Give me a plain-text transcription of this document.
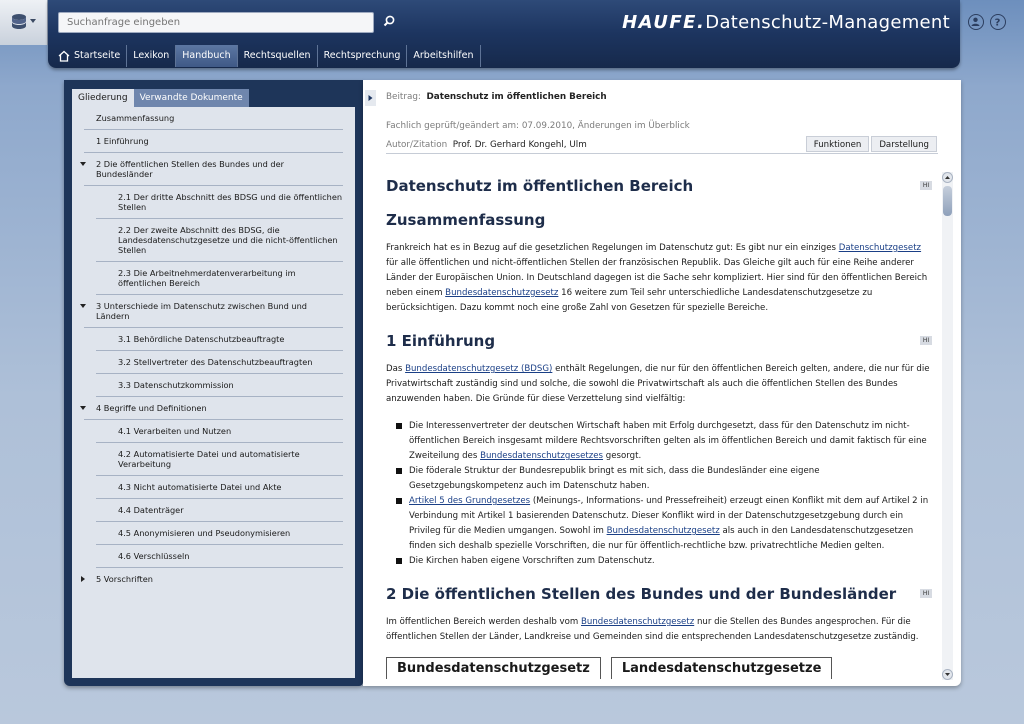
Suchanfrage eingeben
HAUFE.Datenschutz-Management
Startseite Lexikon Handbuch Rechtsquellen Rechtsprechung Arbeitshilfen
?
Gliederung	Verwandte Dokumente
Zusammenfassung
1 Einführung
2 Die öffentlichen Stellen des Bundes und der Bundesländer
2.1 Der dritte Abschnitt des BDSG und die öffentlichen Stellen
2.2 Der zweite Abschnitt des BDSG, die Landesdatenschutzgesetze und die nicht-öffentlichen Stellen
2.3 Die Arbeitnehmerdatenverarbeitung im öffentlichen Bereich
3 Unterschiede im Datenschutz zwischen Bund und Ländern
3.1 Behördliche Datenschutzbeauftragte
3.2 Stellvertreter des Datenschutzbeauftragten
3.3 Datenschutzkommission
4 Begriffe und Definitionen
4.1 Verarbeiten und Nutzen
4.2 Automatisierte Datei und automatisierte Verarbeitung
4.3 Nicht automatisierte Datei und Akte
4.4 Datenträger
4.5 Anonymisieren und Pseudonymisieren
4.6 Verschlüsseln
5 Vorschriften
Beitrag: Datenschutz im öffentlichen Bereich
Fachlich geprüft/geändert am: 07.09.2010, Änderungen im Überblick
Autor/Zitation Prof. Dr. Gerhard Kongehl, Ulm	Funktionen	Darstellung
Datenschutz im öffentlichen Bereich	HI
Zusammenfassung

Frankreich hat es in Bezug auf die gesetzlichen Regelungen im Datenschutz gut: Es gibt nur ein einziges Datenschutzgesetz für alle öffentlichen und nicht-öffentlichen Stellen der französischen Republik. Das Gleiche gilt auch für eine Reihe anderer Länder der Europäischen Union. In Deutschland dagegen ist die Sache sehr kompliziert. Hier sind für den öffentlichen Bereich neben einem Bundesdatenschutzgesetz 16 weitere zum Teil sehr unterschiedliche Landesdatenschutzgesetze zu berücksichtigen. Dazu kommt noch eine große Zahl von Gesetzen für spezielle Bereiche.

1 Einführung	HI

Das Bundesdatenschutzgesetz (BDSG) enthält Regelungen, die nur für den öffentlichen Bereich gelten, andere, die nur für die Privatwirtschaft zuständig sind und solche, die sowohl die Privatwirtschaft als auch die öffentlichen Stellen des Bundes anzuwenden haben. Die Gründe für diese Verzettelung sind vielfältig:

Die Interessenvertreter der deutschen Wirtschaft haben mit Erfolg durchgesetzt, dass für den Datenschutz im nicht-öffentlichen Bereich insgesamt mildere Rechtsvorschriften gelten als im öffentlichen Bereich und damit faktisch für eine Zweiteilung des Bundesdatenschutzgesetzes gesorgt.
Die föderale Struktur der Bundesrepublik bringt es mit sich, dass die Bundesländer eine eigene Gesetzgebungskompetenz auch im Datenschutz haben.
Artikel 5 des Grundgesetzes (Meinungs-, Informations- und Pressefreiheit) erzeugt einen Konflikt mit dem auf Artikel 2 in Verbindung mit Artikel 1 basierenden Datenschutz. Dieser Konflikt wird in der Datenschutzgesetzgebung durch ein Privileg für die Medien umgangen. Sowohl im Bundesdatenschutzgesetz als auch in den Landesdatenschutzgesetzen finden sich deshalb spezielle Vorschriften, die nur für öffentlich-rechtliche bzw. privatrechtliche Medien gelten.
Die Kirchen haben eigene Vorschriften zum Datenschutz.
2 Die öffentlichen Stellen des Bundes und der Bundesländer	HI

Im öffentlichen Bereich werden deshalb vom Bundesdatenschutzgesetz nur die Stellen des Bundes angesprochen. Für die öffentlichen Stellen der Länder, Landkreise und Gemeinden sind die entsprechenden Landesdatenschutzgesetze zuständig.

Bundesdatenschutzgesetz	Landesdatenschutzgesetze
